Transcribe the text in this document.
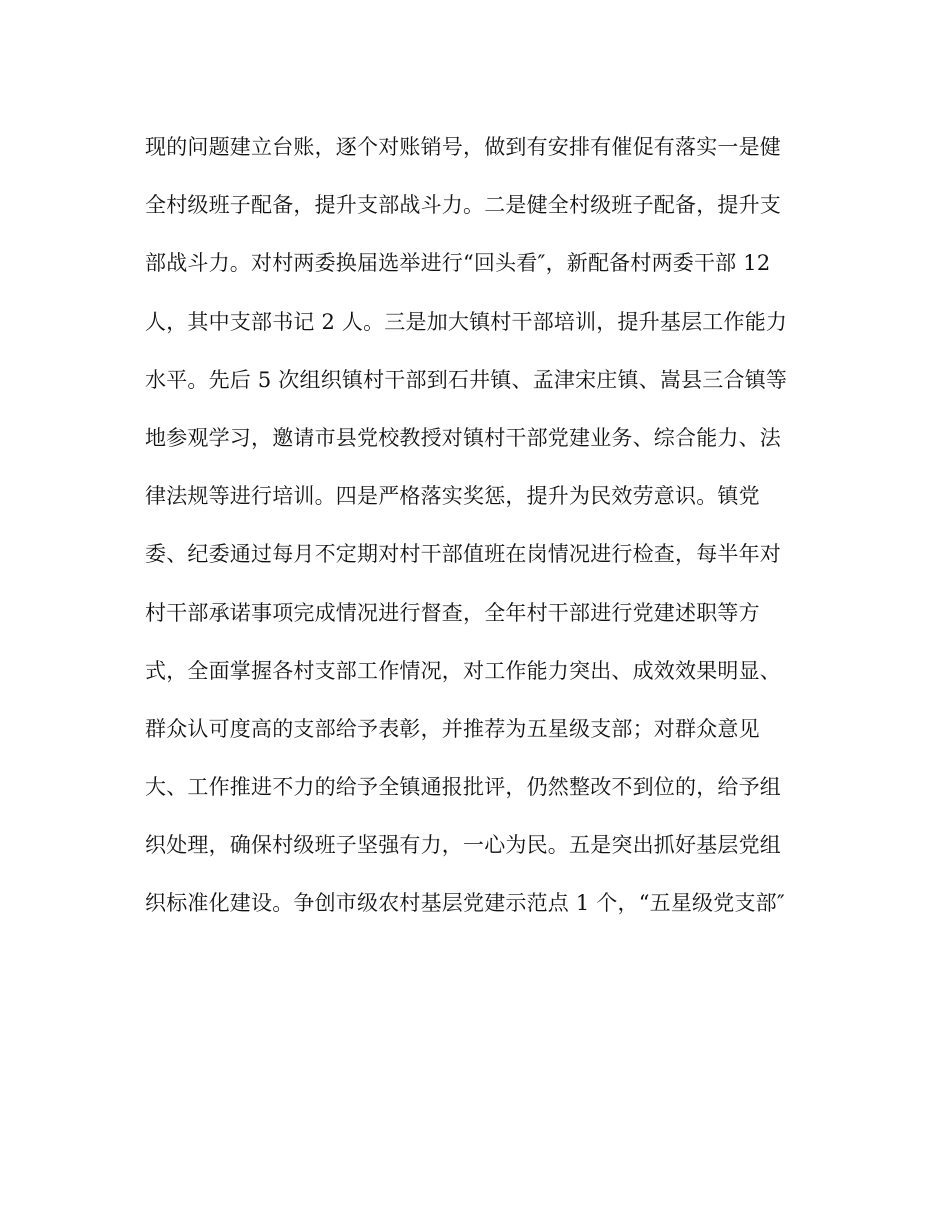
现的问题建立台账，逐个对账销号，做到有安排有催促有落实一是健
全村级班子配备，提升支部战斗力。二是健全村级班子配备，提升支
部战斗力。对村两委换届选举进行“回头看″，新配备村两委干部 12
人，其中支部书记 2 人。三是加大镇村干部培训，提升基层工作能力
水平。先后 5 次组织镇村干部到石井镇、孟津宋庄镇、嵩县三合镇等
地参观学习，邀请市县党校教授对镇村干部党建业务、综合能力、法
律法规等进行培训。四是严格落实奖惩，提升为民效劳意识。镇党
委、纪委通过每月不定期对村干部值班在岗情况进行检查，每半年对
村干部承诺事项完成情况进行督查，全年村干部进行党建述职等方
式，全面掌握各村支部工作情况，对工作能力突出、成效效果明显、
群众认可度高的支部给予表彰，并推荐为五星级支部；对群众意见
大、工作推进不力的给予全镇通报批评，仍然整改不到位的，给予组
织处理，确保村级班子坚强有力，一心为民。五是突出抓好基层党组
织标准化建设。争创市级农村基层党建示范点 1 个，“五星级党支部″
